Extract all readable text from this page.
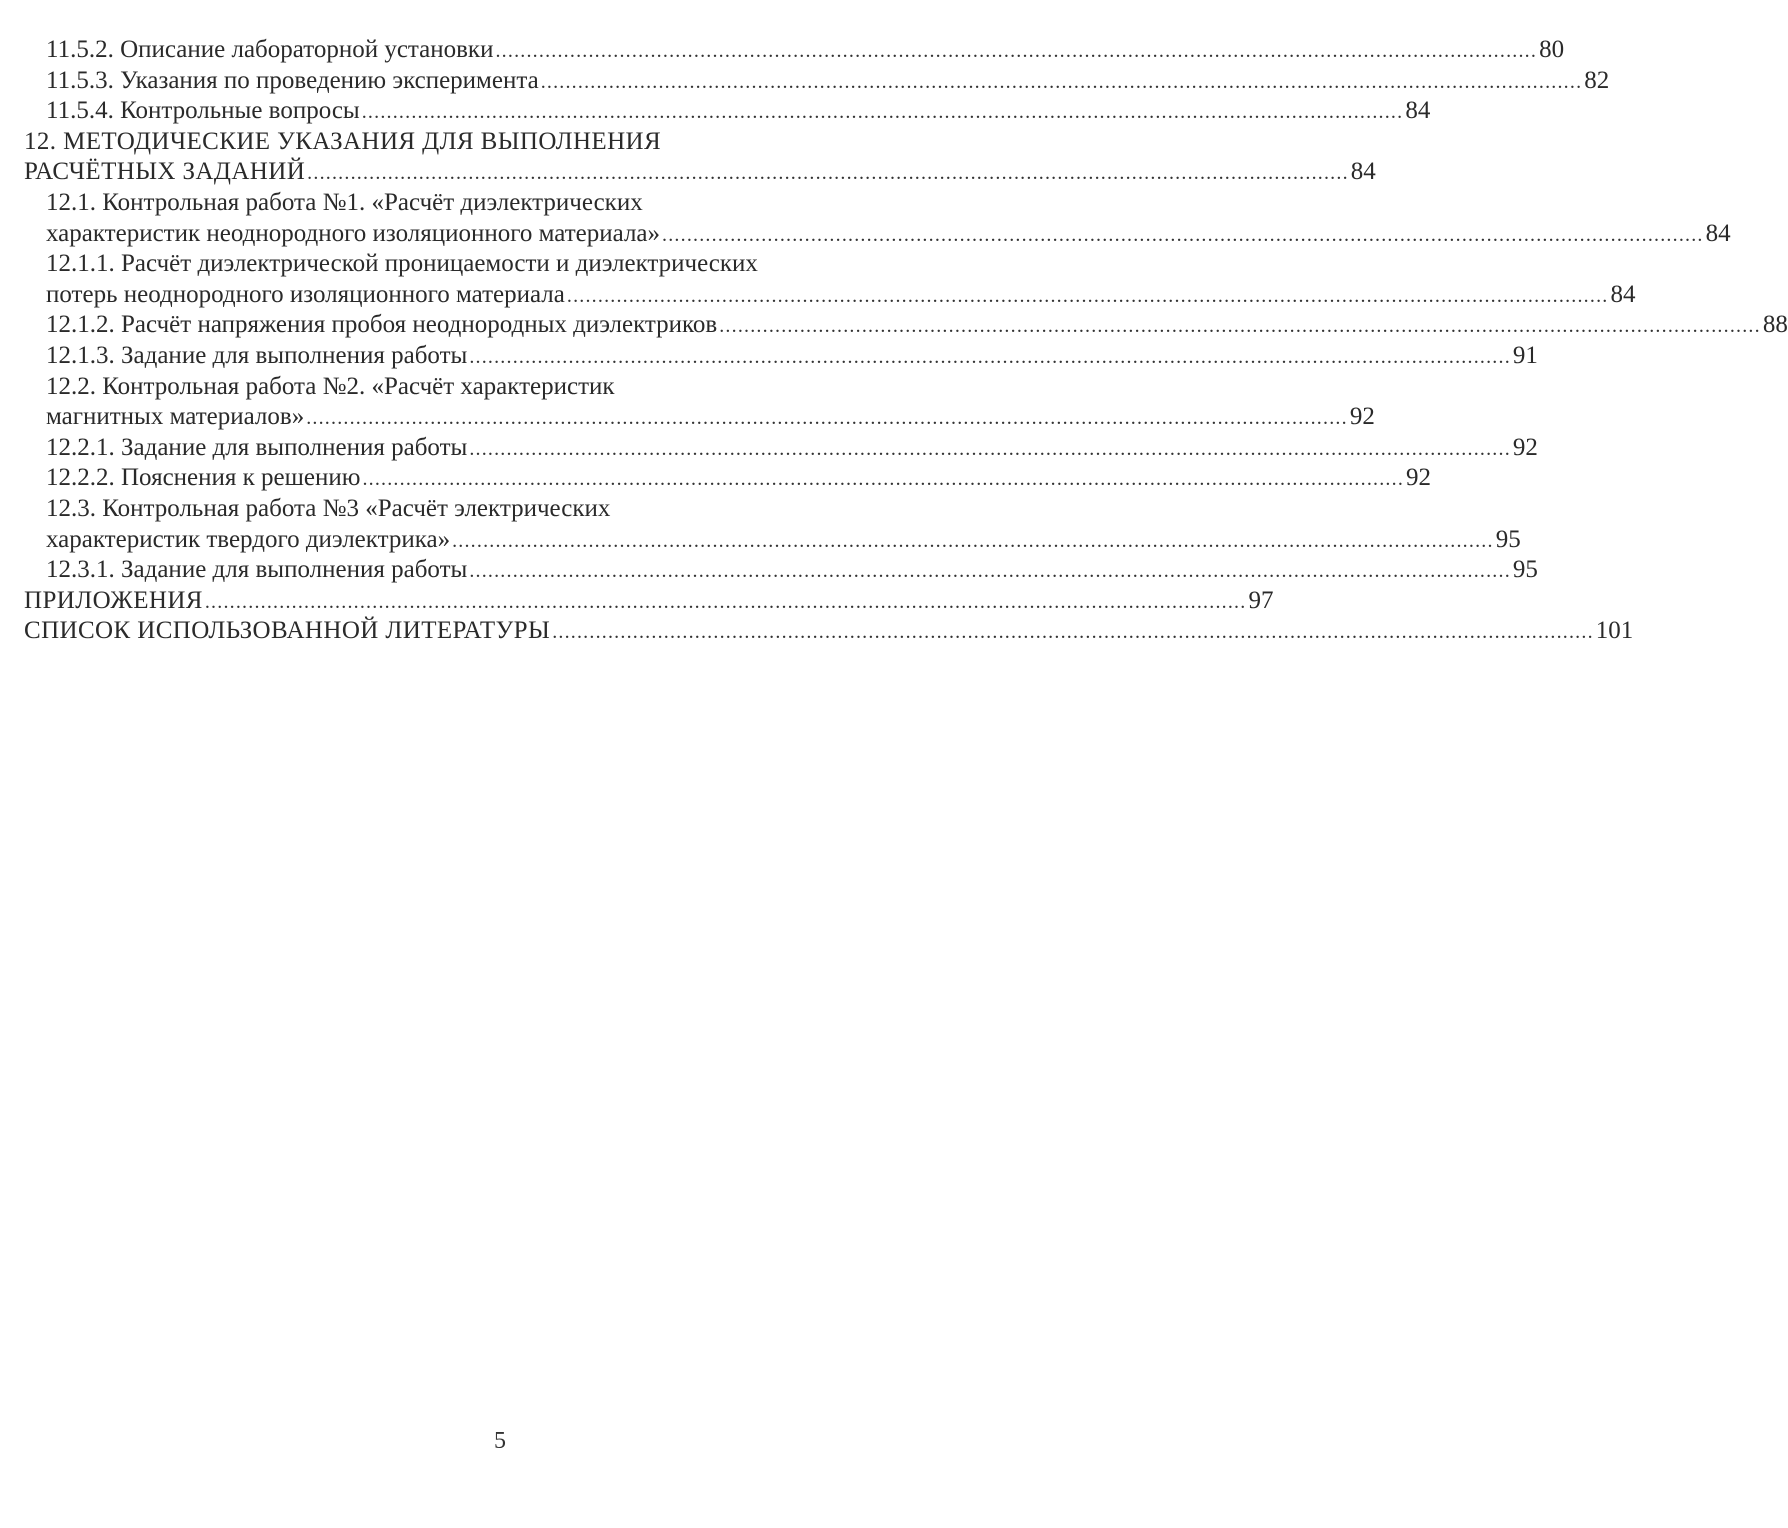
11.5.2. Описание лабораторной установки ........................................................................................................................................................................ 80
11.5.3. Указания по проведению эксперимента ........................................................................................................................................................................ 82
11.5.4. Контрольные вопросы ........................................................................................................................................................................ 84
12. МЕТОДИЧЕСКИЕ УКАЗАНИЯ ДЛЯ ВЫПОЛНЕНИЯ
РАСЧЁТНЫХ ЗАДАНИЙ ........................................................................................................................................................................ 84
12.1. Контрольная работа №1. «Расчёт диэлектрических
характеристик неоднородного изоляционного материала» ........................................................................................................................................................................ 84
12.1.1. Расчёт диэлектрической проницаемости и диэлектрических
потерь неоднородного изоляционного материала ........................................................................................................................................................................ 84
12.1.2. Расчёт напряжения пробоя неоднородных диэлектриков ........................................................................................................................................................................ 88
12.1.3. Задание для выполнения работы ........................................................................................................................................................................ 91
12.2. Контрольная работа №2. «Расчёт характеристик
магнитных материалов» ........................................................................................................................................................................ 92
12.2.1. Задание для выполнения работы ........................................................................................................................................................................ 92
12.2.2. Пояснения к решению ........................................................................................................................................................................ 92
12.3. Контрольная работа №3 «Расчёт электрических
характеристик твердого диэлектрика» ........................................................................................................................................................................ 95
12.3.1. Задание для выполнения работы ........................................................................................................................................................................ 95
ПРИЛОЖЕНИЯ ........................................................................................................................................................................ 97
СПИСОК ИСПОЛЬЗОВАННОЙ ЛИТЕРАТУРЫ ........................................................................................................................................................................ 101
5
